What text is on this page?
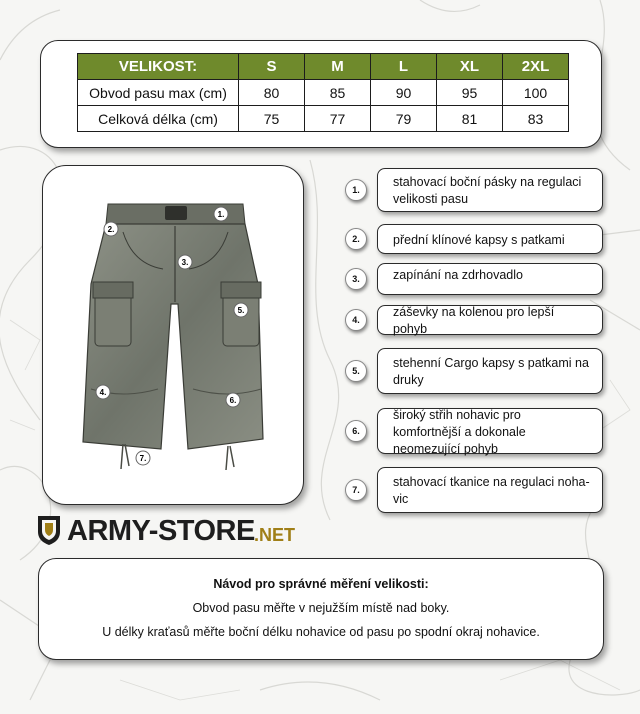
VELIKOST:	S	M	L	XL	2XL
Obvod pasu max (cm)	80	85	90	95	100
Celková délka (cm)	75	77	79	81	83
1.
2.
3.
4.
5.
6.
7.
1.
stahovací boční pásky na regulaci velikosti pasu
2.	přední klínové kapsy s patkami
3.	zapínání na zdrhovadlo
4.
záševky na kolenou pro lepší pohyb
5.
stehenní Cargo kapsy s patkami na druky
6.
široký střih nohavic pro komfortnější a dokonale neomezující pohyb
7.
stahovací tkanice na regulaci noha-vic
ARMY-STORE .NET
Návod pro správné měření velikosti:
Obvod pasu měřte v nejužším místě nad boky.
U délky kraťasů měřte boční délku nohavice od pasu po spodní okraj nohavice.
